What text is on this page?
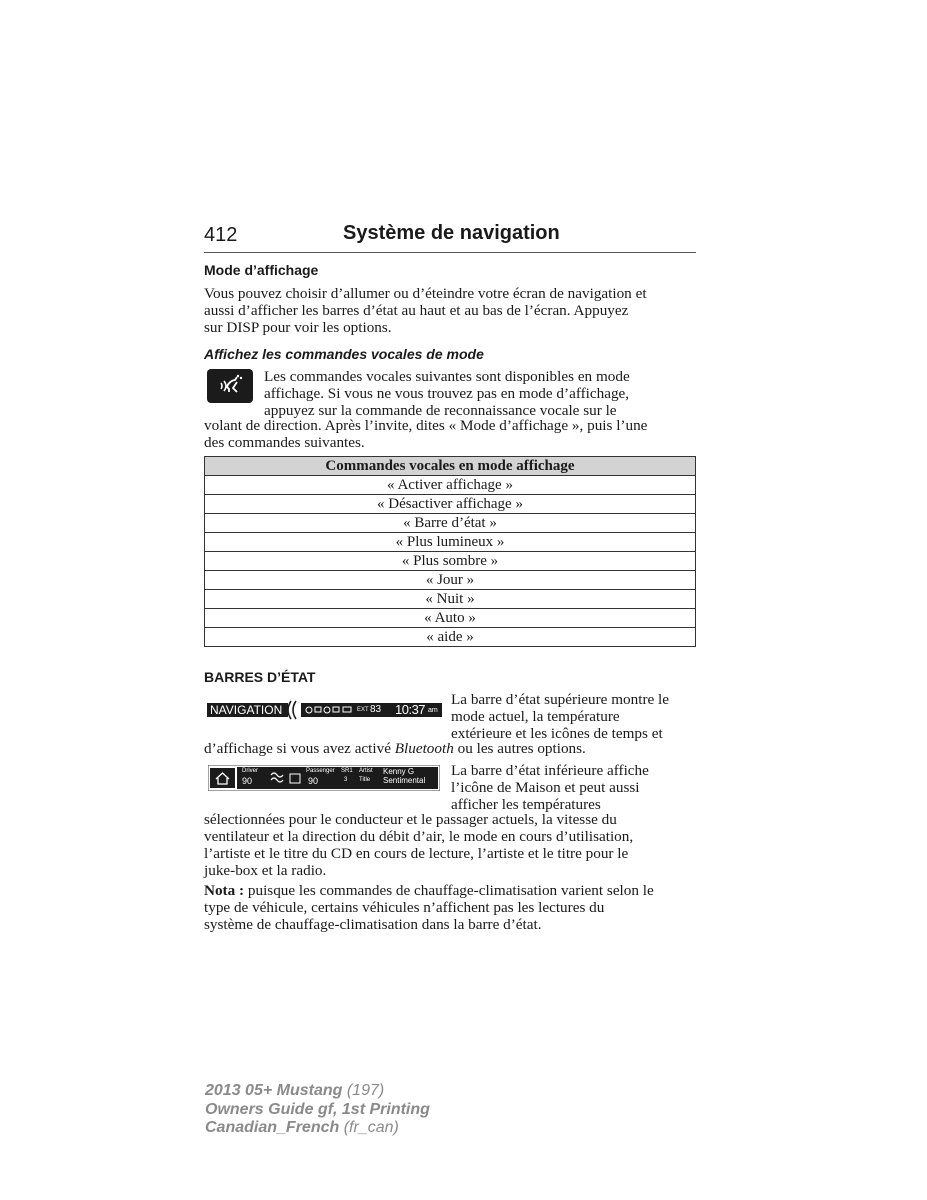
412	Système de navigation
Mode d’affichage
Vous pouvez choisir d’allumer ou d’éteindre votre écran de navigation et
aussi d’afficher les barres d’état au haut et au bas de l’écran. Appuyez
sur DISP pour voir les options.
Affichez les commandes vocales de mode
Les commandes vocales suivantes sont disponibles en mode
affichage. Si vous ne vous trouvez pas en mode d’affichage,
appuyez sur la commande de reconnaissance vocale sur le
volant de direction. Après l’invite, dites « Mode d’affichage », puis l’une
des commandes suivantes.
Commandes vocales en mode affichage
« Activer affichage »
« Désactiver affichage »
« Barre d’état »
« Plus lumineux »
« Plus sombre »
« Jour »
« Nuit »
« Auto »
« aide »
BARRES D’ÉTAT
NAVIGATION	EXT 83 10:37 am
La barre d’état supérieure montre le
mode actuel, la température
extérieure et les icônes de temps et
d’affichage si vous avez activé Bluetooth ou les autres options.
Driver
90
Passenger
90
SR1
3
Artist
Title
Kenny G
Sentimental
La barre d’état inférieure affiche
l’icône de Maison et peut aussi
afficher les températures
sélectionnées pour le conducteur et le passager actuels, la vitesse du
ventilateur et la direction du débit d’air, le mode en cours d’utilisation,
l’artiste et le titre du CD en cours de lecture, l’artiste et le titre pour le
juke-box et la radio.
Nota : puisque les commandes de chauffage-climatisation varient selon le
type de véhicule, certains véhicules n’affichent pas les lectures du
système de chauffage-climatisation dans la barre d’état.
2013 05+ Mustang (197)
Owners Guide gf, 1st Printing
Canadian_French (fr_can)
